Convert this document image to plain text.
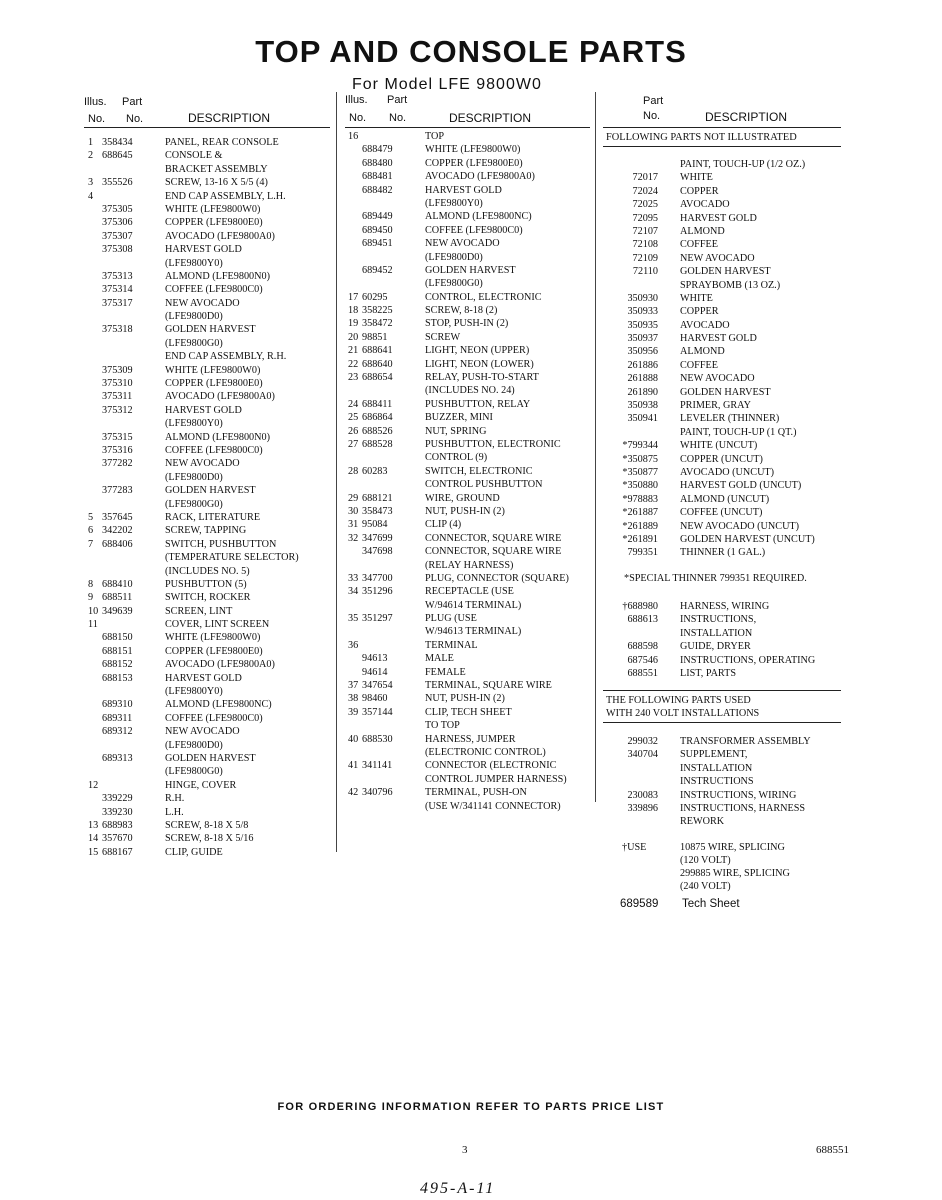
TOP AND CONSOLE PARTS
For Model LFE 9800W0
Illus. Part
No. No.	DESCRIPTION
Illus. Part
No. No.	DESCRIPTION
Part
No.	DESCRIPTION
1 358434	PANEL, REAR CONSOLE
2 688645	CONSOLE &
BRACKET ASSEMBLY
3 355526	SCREW, 13-16 X 5/5 (4)
4	END CAP ASSEMBLY, L.H.
375305	WHITE (LFE9800W0)
375306	COPPER (LFE9800E0)
375307	AVOCADO (LFE9800A0)
375308	HARVEST GOLD
(LFE9800Y0)
375313	ALMOND (LFE9800N0)
375314	COFFEE (LFE9800C0)
375317	NEW AVOCADO
(LFE9800D0)
375318	GOLDEN HARVEST
(LFE9800G0)
END CAP ASSEMBLY, R.H.
375309	WHITE (LFE9800W0)
375310	COPPER (LFE9800E0)
375311	AVOCADO (LFE9800A0)
375312	HARVEST GOLD
(LFE9800Y0)
375315	ALMOND (LFE9800N0)
375316	COFFEE (LFE9800C0)
377282	NEW AVOCADO
(LFE9800D0)
377283	GOLDEN HARVEST
(LFE9800G0)
5 357645	RACK, LITERATURE
6 342202	SCREW, TAPPING
7 688406	SWITCH, PUSHBUTTON
(TEMPERATURE SELECTOR)
(INCLUDES NO. 5)
8 688410	PUSHBUTTON (5)
9 688511	SWITCH, ROCKER
10 349639	SCREEN, LINT
11	COVER, LINT SCREEN
688150	WHITE (LFE9800W0)
688151	COPPER (LFE9800E0)
688152	AVOCADO (LFE9800A0)
688153	HARVEST GOLD
(LFE9800Y0)
689310	ALMOND (LFE9800NC)
689311	COFFEE (LFE9800C0)
689312	NEW AVOCADO
(LFE9800D0)
689313	GOLDEN HARVEST
(LFE9800G0)
12	HINGE, COVER
339229	R.H.
339230	L.H.
13 688983	SCREW, 8-18 X 5/8
14 357670	SCREW, 8-18 X 5/16
15 688167	CLIP, GUIDE
16	TOP
688479	WHITE (LFE9800W0)
688480	COPPER (LFE9800E0)
688481	AVOCADO (LFE9800A0)
688482	HARVEST GOLD
(LFE9800Y0)
689449	ALMOND (LFE9800NC)
689450	COFFEE (LFE9800C0)
689451	NEW AVOCADO
(LFE9800D0)
689452	GOLDEN HARVEST
(LFE9800G0)
17 60295	CONTROL, ELECTRONIC
18 358225	SCREW, 8-18 (2)
19 358472	STOP, PUSH-IN (2)
20 98851	SCREW
21 688641	LIGHT, NEON (UPPER)
22 688640	LIGHT, NEON (LOWER)
23 688654	RELAY, PUSH-TO-START
(INCLUDES NO. 24)
24 688411	PUSHBUTTON, RELAY
25 686864	BUZZER, MINI
26 688526	NUT, SPRING
27 688528	PUSHBUTTON, ELECTRONIC
CONTROL (9)
28 60283	SWITCH, ELECTRONIC
CONTROL PUSHBUTTON
29 688121	WIRE, GROUND
30 358473	NUT, PUSH-IN (2)
31 95084	CLIP (4)
32 347699	CONNECTOR, SQUARE WIRE
347698	CONNECTOR, SQUARE WIRE
(RELAY HARNESS)
33 347700	PLUG, CONNECTOR (SQUARE)
34 351296	RECEPTACLE (USE
W/94614 TERMINAL)
35 351297	PLUG (USE
W/94613 TERMINAL)
36	TERMINAL
94613	MALE
94614	FEMALE
37 347654	TERMINAL, SQUARE WIRE
38 98460	NUT, PUSH-IN (2)
39 357144	CLIP, TECH SHEET
TO TOP
40 688530	HARNESS, JUMPER
(ELECTRONIC CONTROL)
41 341141	CONNECTOR (ELECTRONIC
CONTROL JUMPER HARNESS)
42 340796	TERMINAL, PUSH-ON
(USE W/341141 CONNECTOR)
FOLLOWING PARTS NOT ILLUSTRATED
PAINT, TOUCH-UP (1/2 OZ.)
72017 WHITE
72024 COPPER
72025 AVOCADO
72095 HARVEST GOLD
72107 ALMOND
72108 COFFEE
72109 NEW AVOCADO
72110 GOLDEN HARVEST
SPRAYBOMB (13 OZ.)
350930 WHITE
350933 COPPER
350935 AVOCADO
350937 HARVEST GOLD
350956 ALMOND
261886 COFFEE
261888 NEW AVOCADO
261890 GOLDEN HARVEST
350938 PRIMER, GRAY
350941 LEVELER (THINNER)
PAINT, TOUCH-UP (1 QT.)
*799344 WHITE (UNCUT)
*350875 COPPER (UNCUT)
*350877 AVOCADO (UNCUT)
*350880 HARVEST GOLD (UNCUT)
*978883 ALMOND (UNCUT)
*261887 COFFEE (UNCUT)
*261889 NEW AVOCADO (UNCUT)
*261891 GOLDEN HARVEST (UNCUT)
799351 THINNER (1 GAL.)
*SPECIAL THINNER 799351 REQUIRED.
†688980 HARNESS, WIRING
688613 INSTRUCTIONS,
INSTALLATION
688598 GUIDE, DRYER
687546 INSTRUCTIONS, OPERATING
688551 LIST, PARTS
THE FOLLOWING PARTS USED
WITH 240 VOLT INSTALLATIONS
299032 TRANSFORMER ASSEMBLY
340704 SUPPLEMENT,
INSTALLATION
INSTRUCTIONS
230083 INSTRUCTIONS, WIRING
339896 INSTRUCTIONS, HARNESS
REWORK
†USE	10875 WIRE, SPLICING
(120 VOLT)
299885 WIRE, SPLICING
(240 VOLT)
689589 Tech Sheet
FOR ORDERING INFORMATION REFER TO PARTS PRICE LIST
3	688551
495-A-11
